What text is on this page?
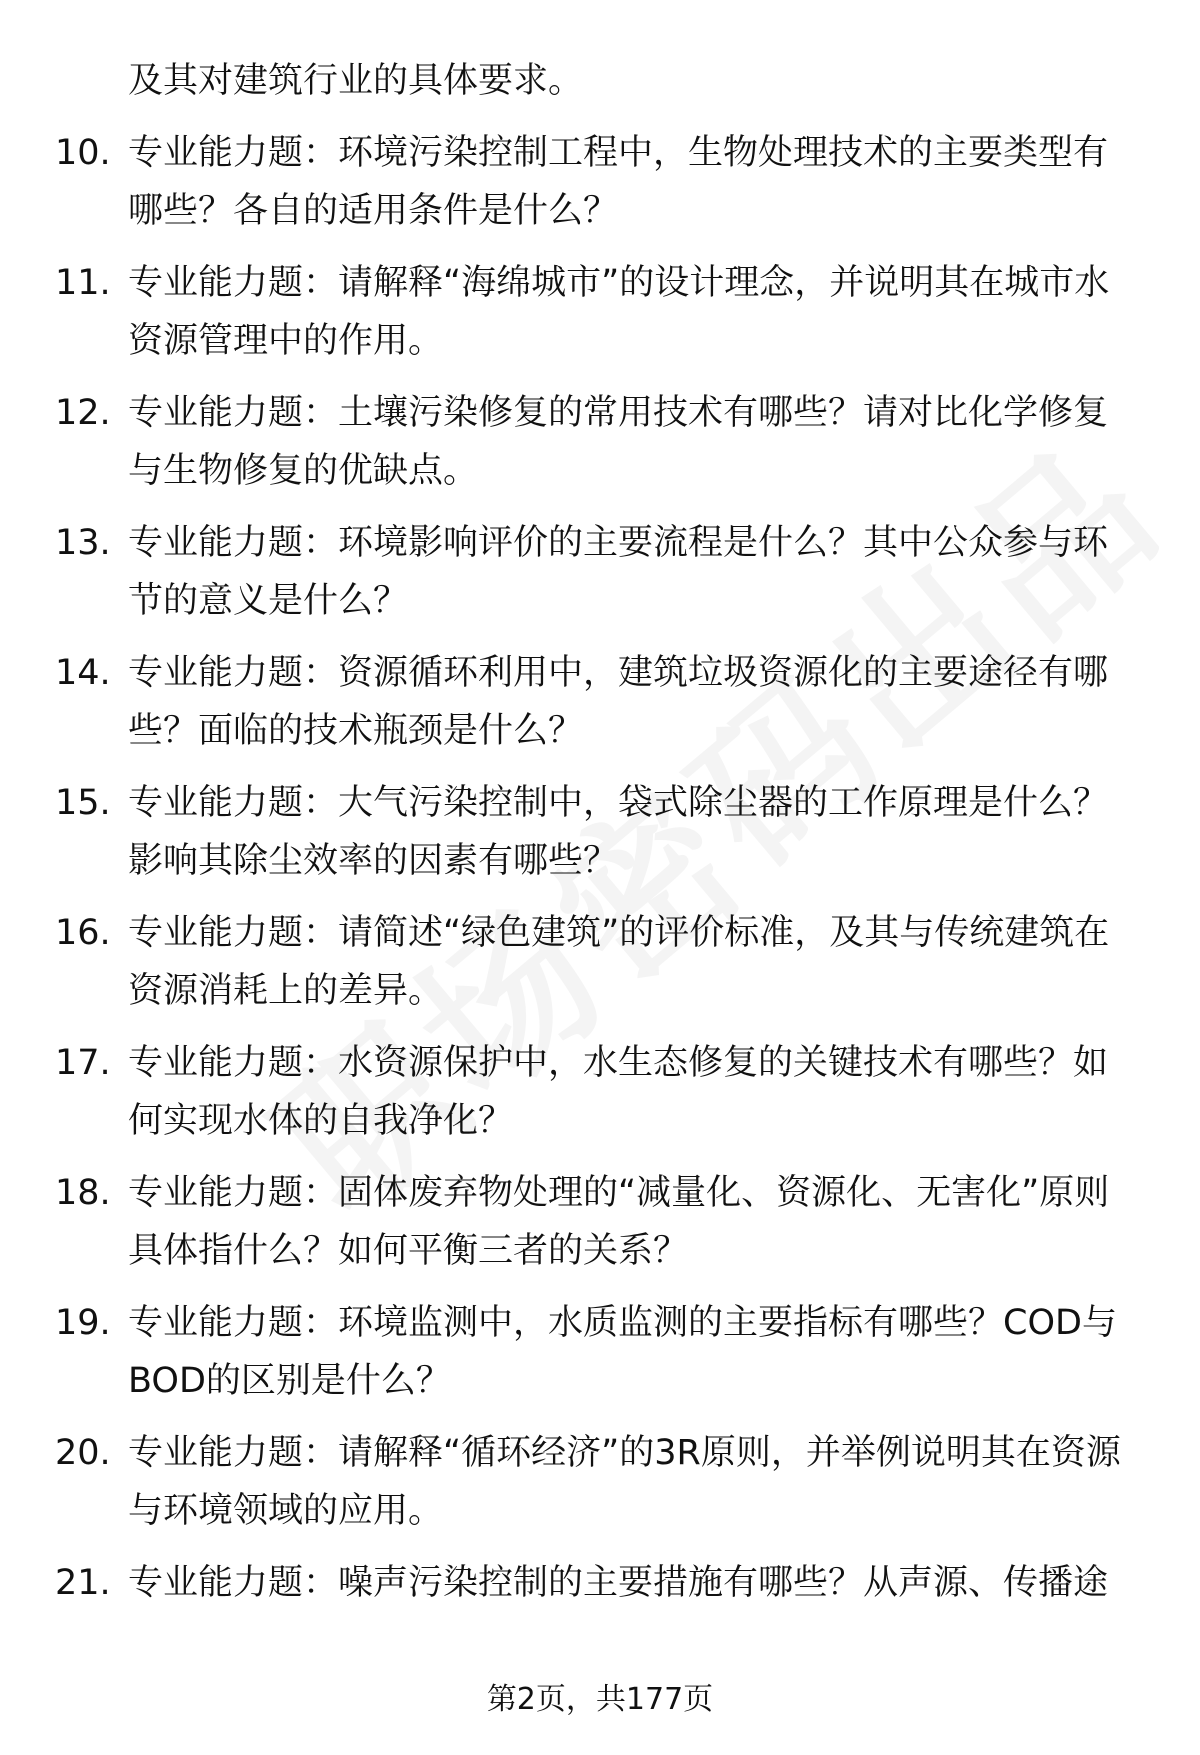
及其对建筑行业的具体要求。
10. 专业能力题：环境污染控制工程中，生物处理技术的主要类型有哪些？各自的适用条件是什么？
11. 专业能力题：请解释“海绵城市”的设计理念，并说明其在城市水资源管理中的作用。
12. 专业能力题：土壤污染修复的常用技术有哪些？请对比化学修复与生物修复的优缺点。
13. 专业能力题：环境影响评价的主要流程是什么？其中公众参与环节的意义是什么？
14. 专业能力题：资源循环利用中，建筑垃圾资源化的主要途径有哪些？面临的技术瓶颈是什么？
15. 专业能力题：大气污染控制中，袋式除尘器的工作原理是什么？影响其除尘效率的因素有哪些？
16. 专业能力题：请简述“绿色建筑”的评价标准，及其与传统建筑在资源消耗上的差异。
17. 专业能力题：水资源保护中，水生态修复的关键技术有哪些？如何实现水体的自我净化？
18. 专业能力题：固体废弃物处理的“减量化、资源化、无害化”原则具体指什么？如何平衡三者的关系？
19. 专业能力题：环境监测中，水质监测的主要指标有哪些？COD与BOD的区别是什么？
20. 专业能力题：请解释“循环经济”的3R原则，并举例说明其在资源与环境领域的应用。
21. 专业能力题：噪声污染控制的主要措施有哪些？从声源、传播途
第2页，共177页
